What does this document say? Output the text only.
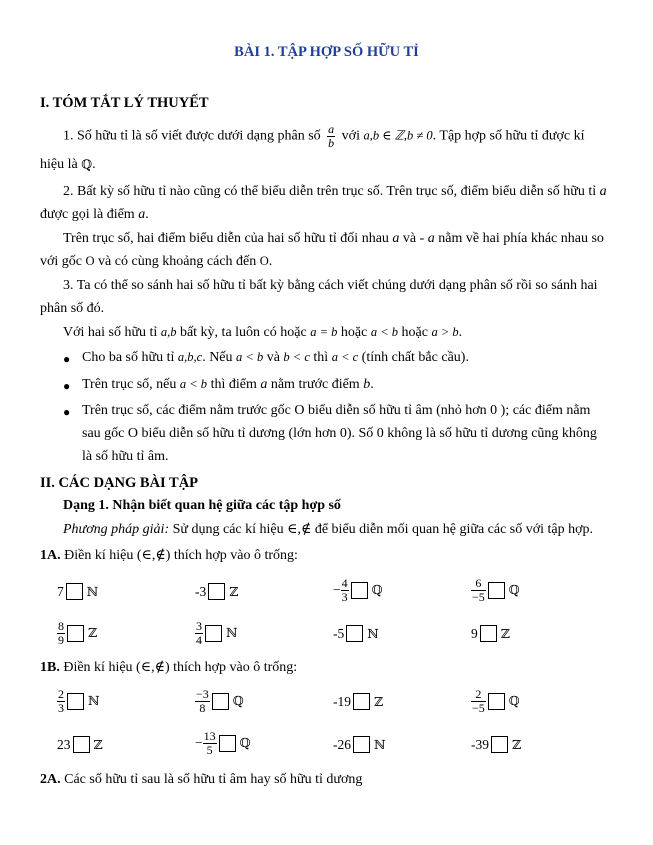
BÀI 1. TẬP HỢP SỐ HỮU TỈ
I. TÓM TẮT LÝ THUYẾT
1. Số hữu tỉ là số viết được dưới dạng phân số $\frac{a}{b}$ với a,b ∈ ℤ,b ≠ 0. Tập hợp số hữu tỉ được kí
hiệu là ℚ.
2. Bất kỳ số hữu tỉ nào cũng có thể biểu diễn trên trục số. Trên trục số, điểm biểu diễn số hữu tỉ a
được gọi là điểm a.
Trên trục số, hai điểm biểu diễn của hai số hữu tỉ đối nhau a và - a nằm về hai phía khác nhau so
với gốc O và có cùng khoảng cách đến O.
3. Ta có thể so sánh hai số hữu tỉ bất kỳ bằng cách viết chúng dưới dạng phân số rồi so sánh hai
phân số đó.
Với hai số hữu tỉ a,b bất kỳ, ta luôn có hoặc a = b hoặc a < b hoặc a > b.
● Cho ba số hữu tỉ a,b,c. Nếu a < b và b < c thì a < c (tính chất bắc cầu).
● Trên trục số, nếu a < b thì điểm a nằm trước điểm b.
● Trên trục số, các điểm nằm trước gốc O biểu diễn số hữu tỉ âm (nhỏ hơn 0 ); các điểm nằm
sau gốc O biểu diễn số hữu tỉ dương (lớn hơn 0). Số 0 không là số hữu tỉ dương cũng không
là số hữu tỉ âm.
II. CÁC DẠNG BÀI TẬP
Dạng 1. Nhận biết quan hệ giữa các tập hợp số
Phương pháp giải: Sử dụng các kí hiệu ∈,∉ để biểu diễn mối quan hệ giữa các số với tập hợp.
1A. Điền kí hiệu (∈,∉) thích hợp vào ô trống:
7 ℕ	-3 ℤ	− $\frac{4}{3}$ ℚ	$\frac{6}{-5}$ ℚ
$\frac{8}{9}$ ℤ	$\frac{3}{4}$ ℕ	-5 ℕ	9 ℤ
1B. Điền kí hiệu (∈,∉) thích hợp vào ô trống:
$\frac{2}{3}$ ℕ	$\frac{-3}{8}$ ℚ	-19 ℤ	$\frac{2}{-5}$ ℚ
23 ℤ	− $\frac{13}{5}$ ℚ	-26 ℕ	-39 ℤ
2A. Các số hữu tỉ sau là số hữu tỉ âm hay số hữu tỉ dương
